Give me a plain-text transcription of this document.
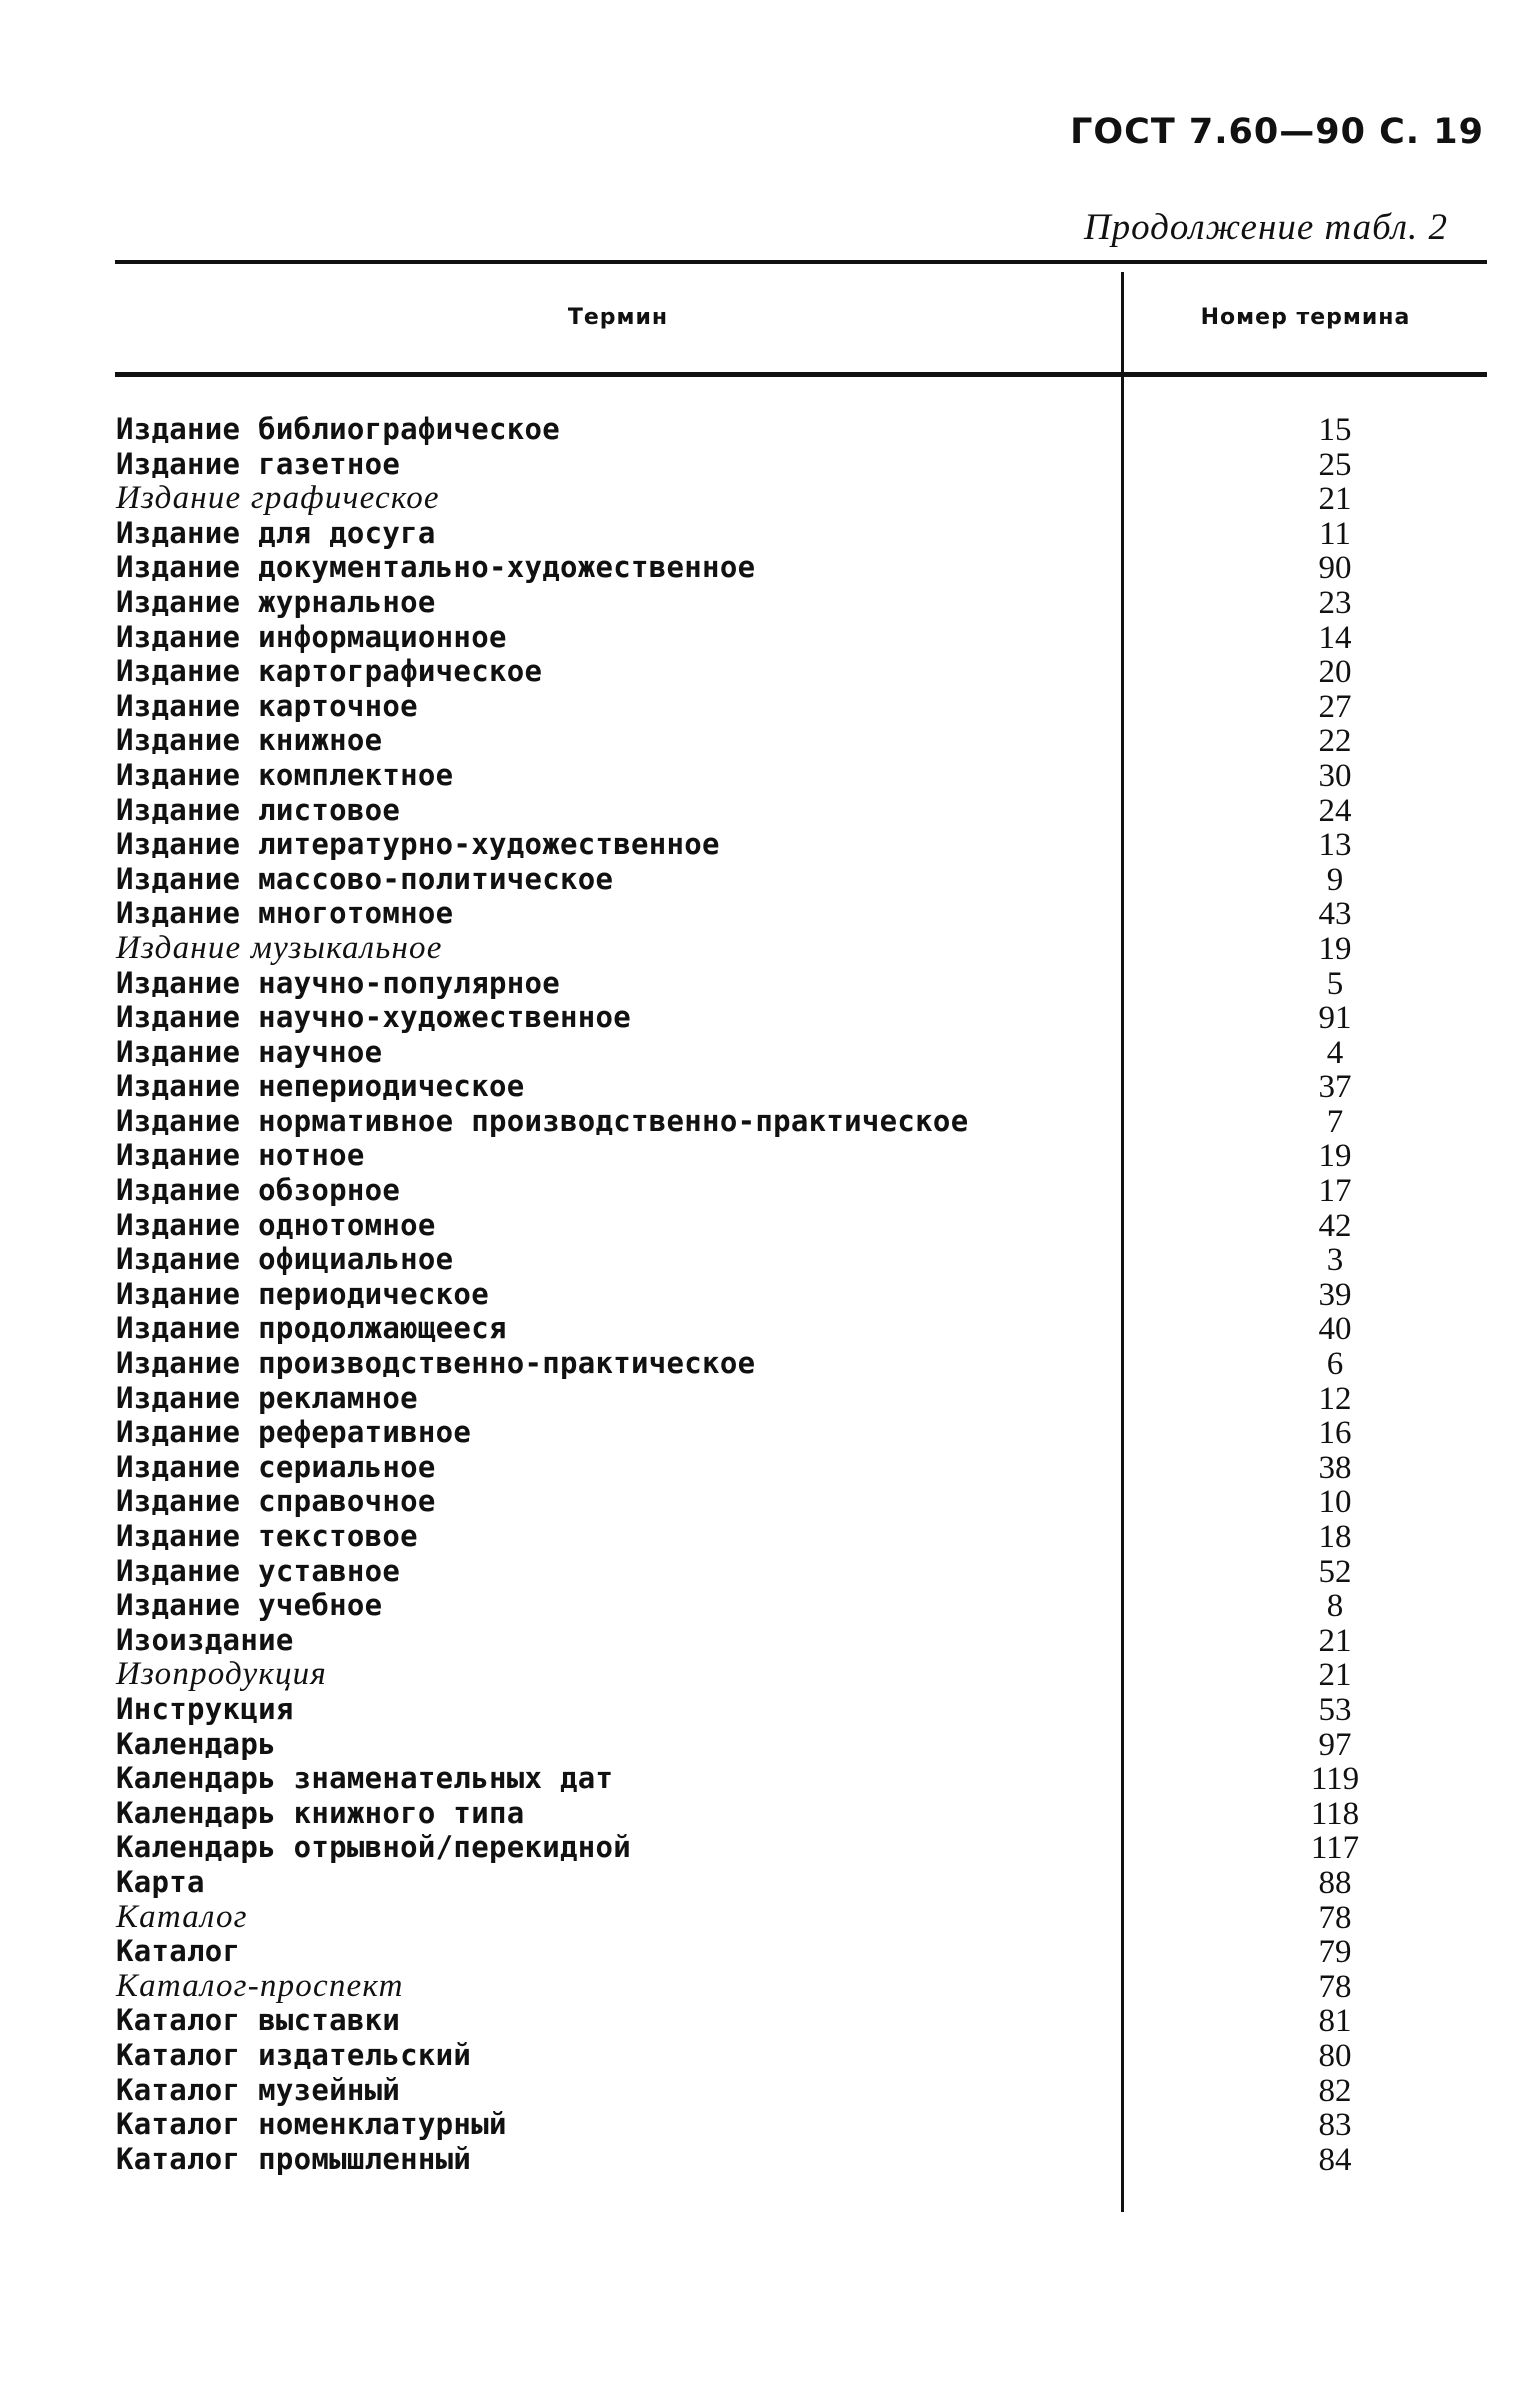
ГОСТ 7.60—90 С. 19
Продолжение табл. 2
Термин	Номер термина
Издание библиографическое	15
Издание газетное	25
Издание графическое	21
Издание для досуга	11
Издание документально-художественное	90
Издание журнальное	23
Издание информационное	14
Издание картографическое	20
Издание карточное	27
Издание книжное	22
Издание комплектное	30
Издание листовое	24
Издание литературно-художественное	13
Издание массово-политическое	9
Издание многотомное	43
Издание музыкальное	19
Издание научно-популярное	5
Издание научно-художественное	91
Издание научное	4
Издание непериодическое	37
Издание нормативное производственно-практическое	7
Издание нотное	19
Издание обзорное	17
Издание однотомное	42
Издание официальное	3
Издание периодическое	39
Издание продолжающееся	40
Издание производственно-практическое	6
Издание рекламное	12
Издание реферативное	16
Издание сериальное	38
Издание справочное	10
Издание текстовое	18
Издание уставное	52
Издание учебное	8
Изоиздание	21
Изопродукция	21
Инструкция	53
Календарь	97
Календарь знаменательных дат	119
Календарь книжного типа	118
Календарь отрывной/перекидной	117
Карта	88
Каталог	78
Каталог	79
Каталог-проспект	78
Каталог выставки	81
Каталог издательский	80
Каталог музейный	82
Каталог номенклатурный	83
Каталог промышленный	84
